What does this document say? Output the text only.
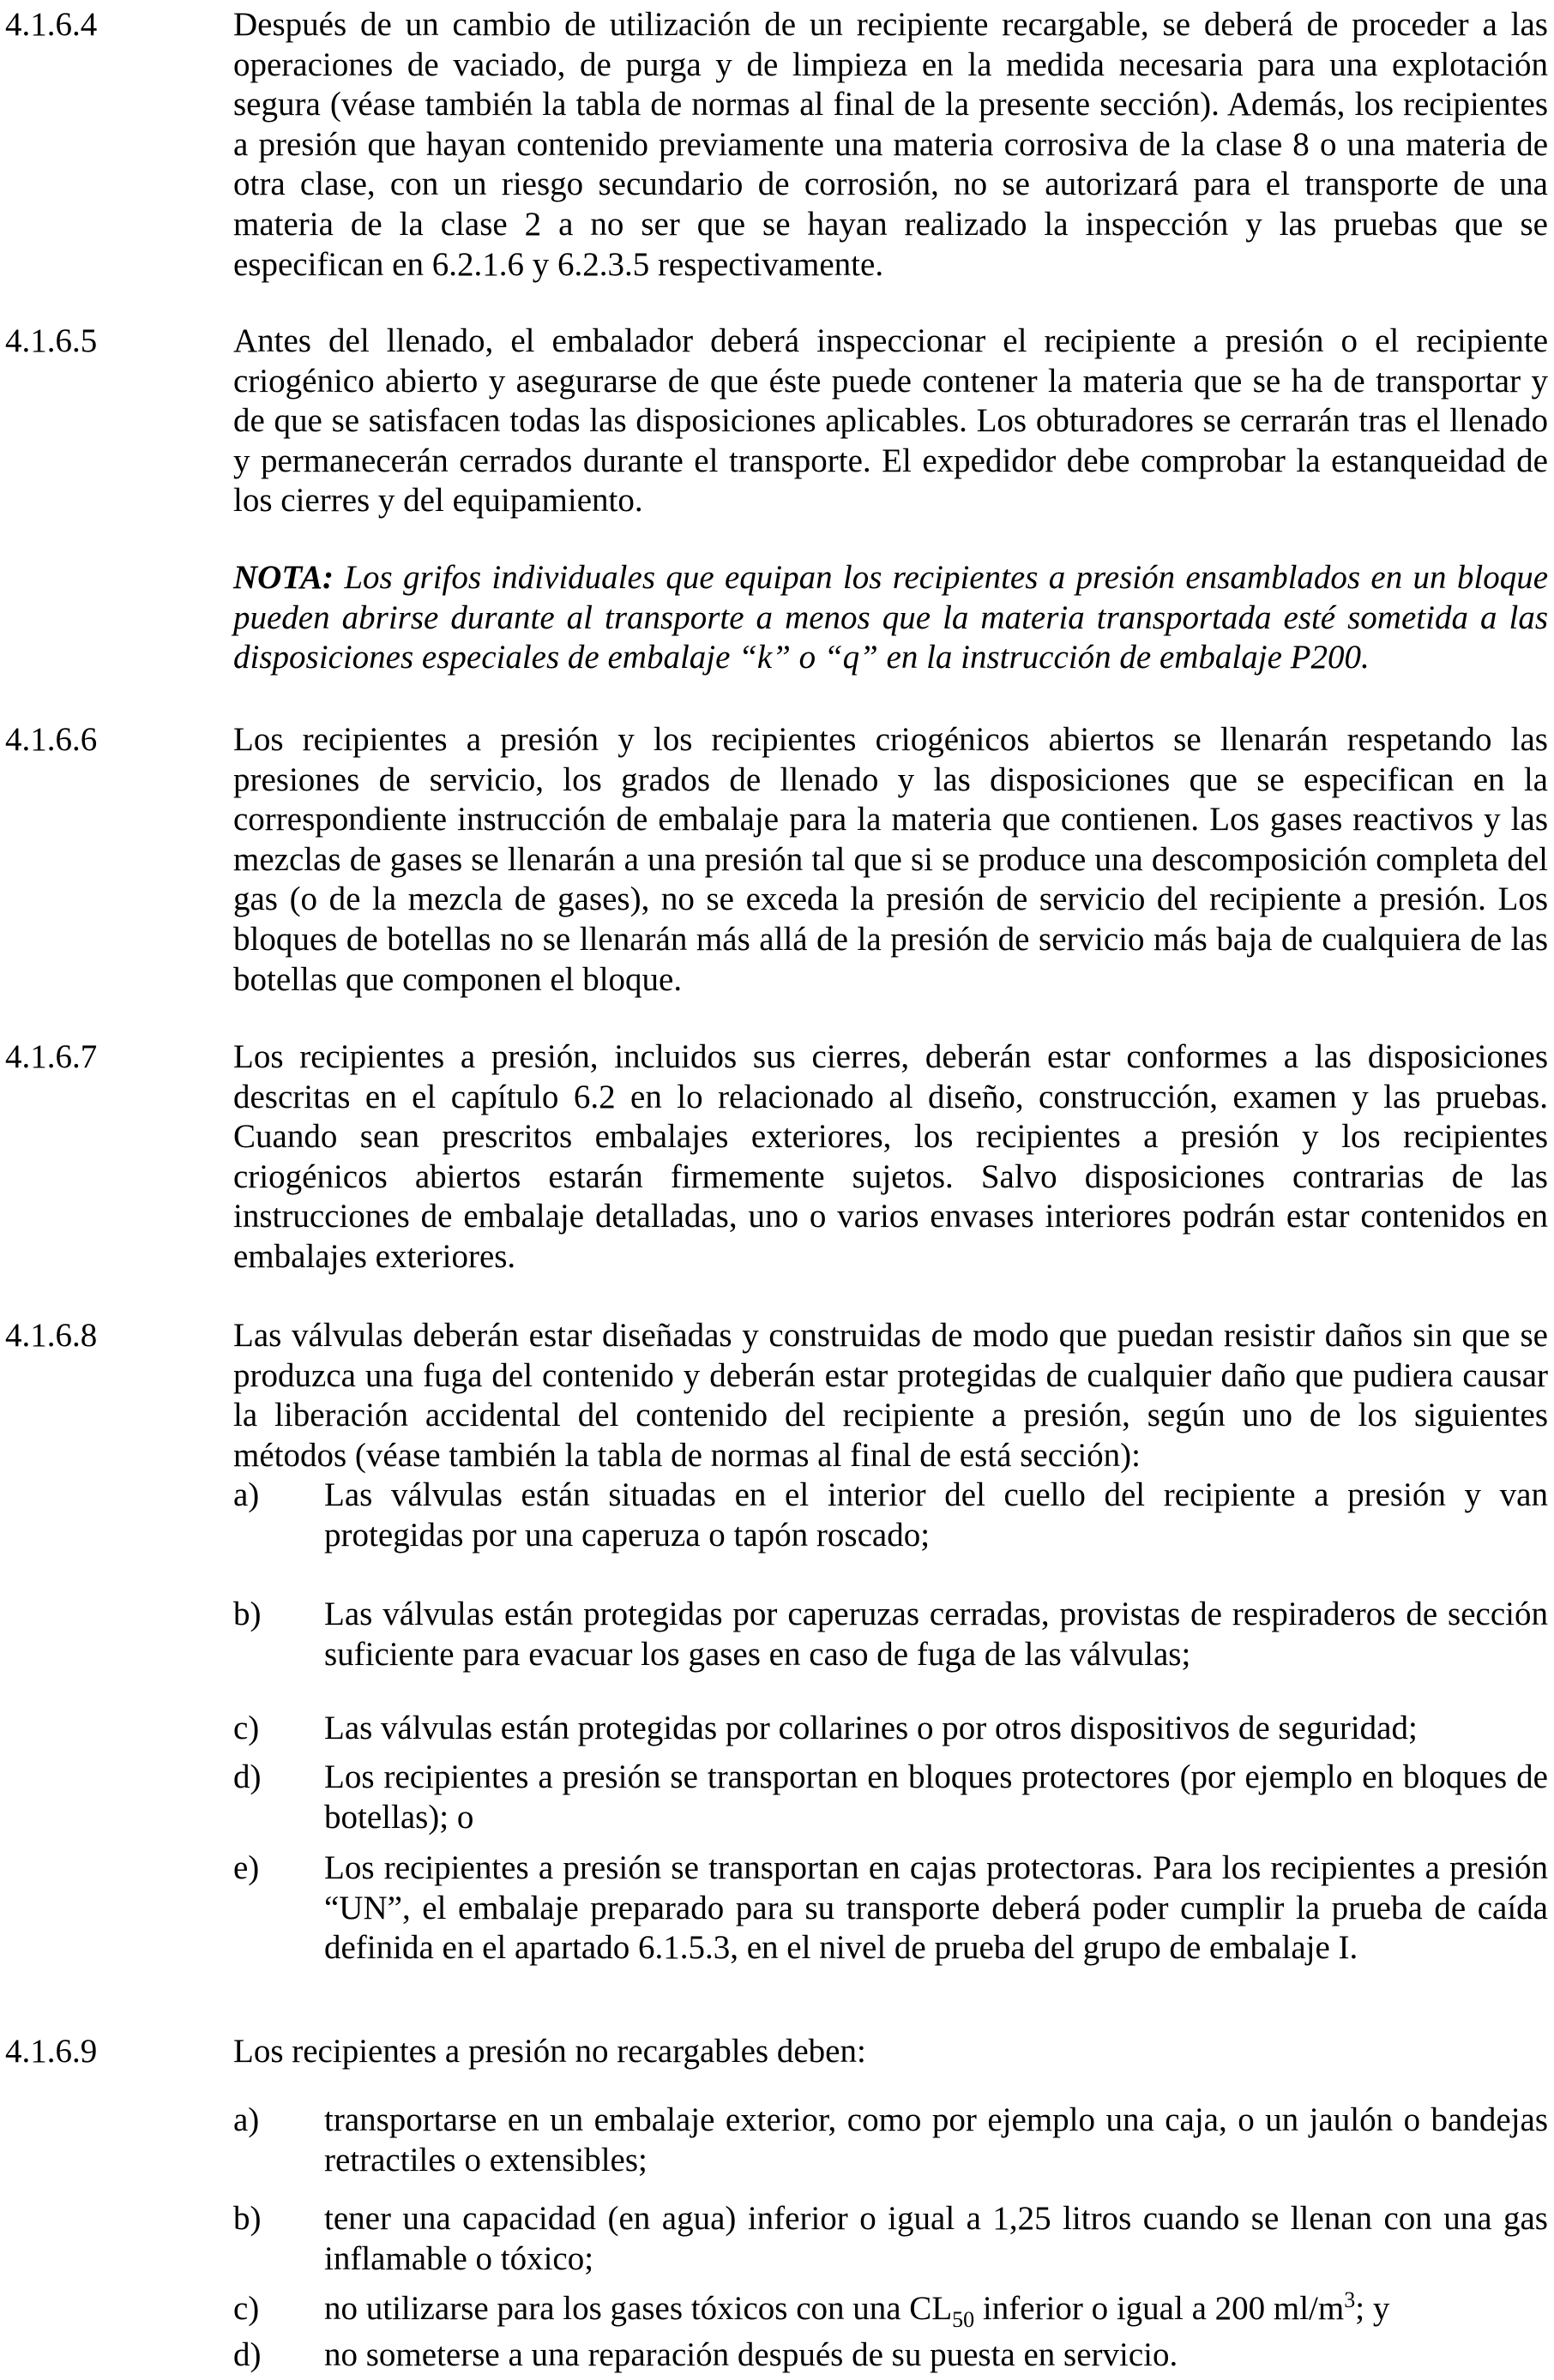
4.1.6.4	Después de un cambio de utilización de un recipiente recargable, se deberá de proceder a las operaciones de vaciado, de purga y de limpieza en la medida necesaria para una explotación segura (véase también la tabla de normas al final de la presente sección). Además, los recipientes a presión que hayan contenido previamente una materia corrosiva de la clase 8 o una materia de otra clase, con un riesgo secundario de corrosión, no se autorizará para el transporte de una materia de la clase 2 a no ser que se hayan realizado la inspección y las pruebas que se especifican en 6.2.1.6 y 6.2.3.5 respectivamente.
4.1.6.5	Antes del llenado, el embalador deberá inspeccionar el recipiente a presión o el recipiente criogénico abierto y asegurarse de que éste puede contener la materia que se ha de transportar y de que se satisfacen todas las disposiciones aplicables. Los obturadores se cerrarán tras el llenado y permanecerán cerrados durante el transporte. El expedidor debe comprobar la estanqueidad de los cierres y del equipamiento.
NOTA: Los grifos individuales que equipan los recipientes a presión ensamblados en un bloque pueden abrirse durante al transporte a menos que la materia transportada esté sometida a las disposiciones especiales de embalaje “k” o “q” en la instrucción de embalaje P200.
4.1.6.6	Los recipientes a presión y los recipientes criogénicos abiertos se llenarán respetando las presiones de servicio, los grados de llenado y las disposiciones que se especifican en la correspondiente instrucción de embalaje para la materia que contienen. Los gases reactivos y las mezclas de gases se llenarán a una presión tal que si se produce una descomposición completa del gas (o de la mezcla de gases), no se exceda la presión de servicio del recipiente a presión. Los bloques de botellas no se llenarán más allá de la presión de servicio más baja de cualquiera de las botellas que componen el bloque.
4.1.6.7	Los recipientes a presión, incluidos sus cierres, deberán estar conformes a las disposiciones descritas en el capítulo 6.2 en lo relacionado al diseño, construcción, examen y las pruebas. Cuando sean prescritos embalajes exteriores, los recipientes a presión y los recipientes criogénicos abiertos estarán firmemente sujetos. Salvo disposiciones contrarias de las instrucciones de embalaje detalladas, uno o varios envases interiores podrán estar contenidos en embalajes exteriores.
4.1.6.8	Las válvulas deberán estar diseñadas y construidas de modo que puedan resistir daños sin que se produzca una fuga del contenido y deberán estar protegidas de cualquier daño que pudiera causar la liberación accidental del contenido del recipiente a presión, según uno de los siguientes métodos (véase también la tabla de normas al final de está sección):
a)	Las válvulas están situadas en el interior del cuello del recipiente a presión y van protegidas por una caperuza o tapón roscado;
b)	Las válvulas están protegidas por caperuzas cerradas, provistas de respiraderos de sección suficiente para evacuar los gases en caso de fuga de las válvulas;
c)	Las válvulas están protegidas por collarines o por otros dispositivos de seguridad;
d)	Los recipientes a presión se transportan en bloques protectores (por ejemplo en bloques de botellas); o
e)	Los recipientes a presión se transportan en cajas protectoras. Para los recipientes a presión “UN”, el embalaje preparado para su transporte deberá poder cumplir la prueba de caída definida en el apartado 6.1.5.3, en el nivel de prueba del grupo de embalaje I.
4.1.6.9	Los recipientes a presión no recargables deben:
a)	transportarse en un embalaje exterior, como por ejemplo una caja, o un jaulón o bandejas retractiles o extensibles;
b)	tener una capacidad (en agua) inferior o igual a 1,25 litros cuando se llenan con una gas inflamable o tóxico;
c)	no utilizarse para los gases tóxicos con una $CL_{50}$ inferior o igual a 200 $ml/m^3$; y
d)	no someterse a una reparación después de su puesta en servicio.
